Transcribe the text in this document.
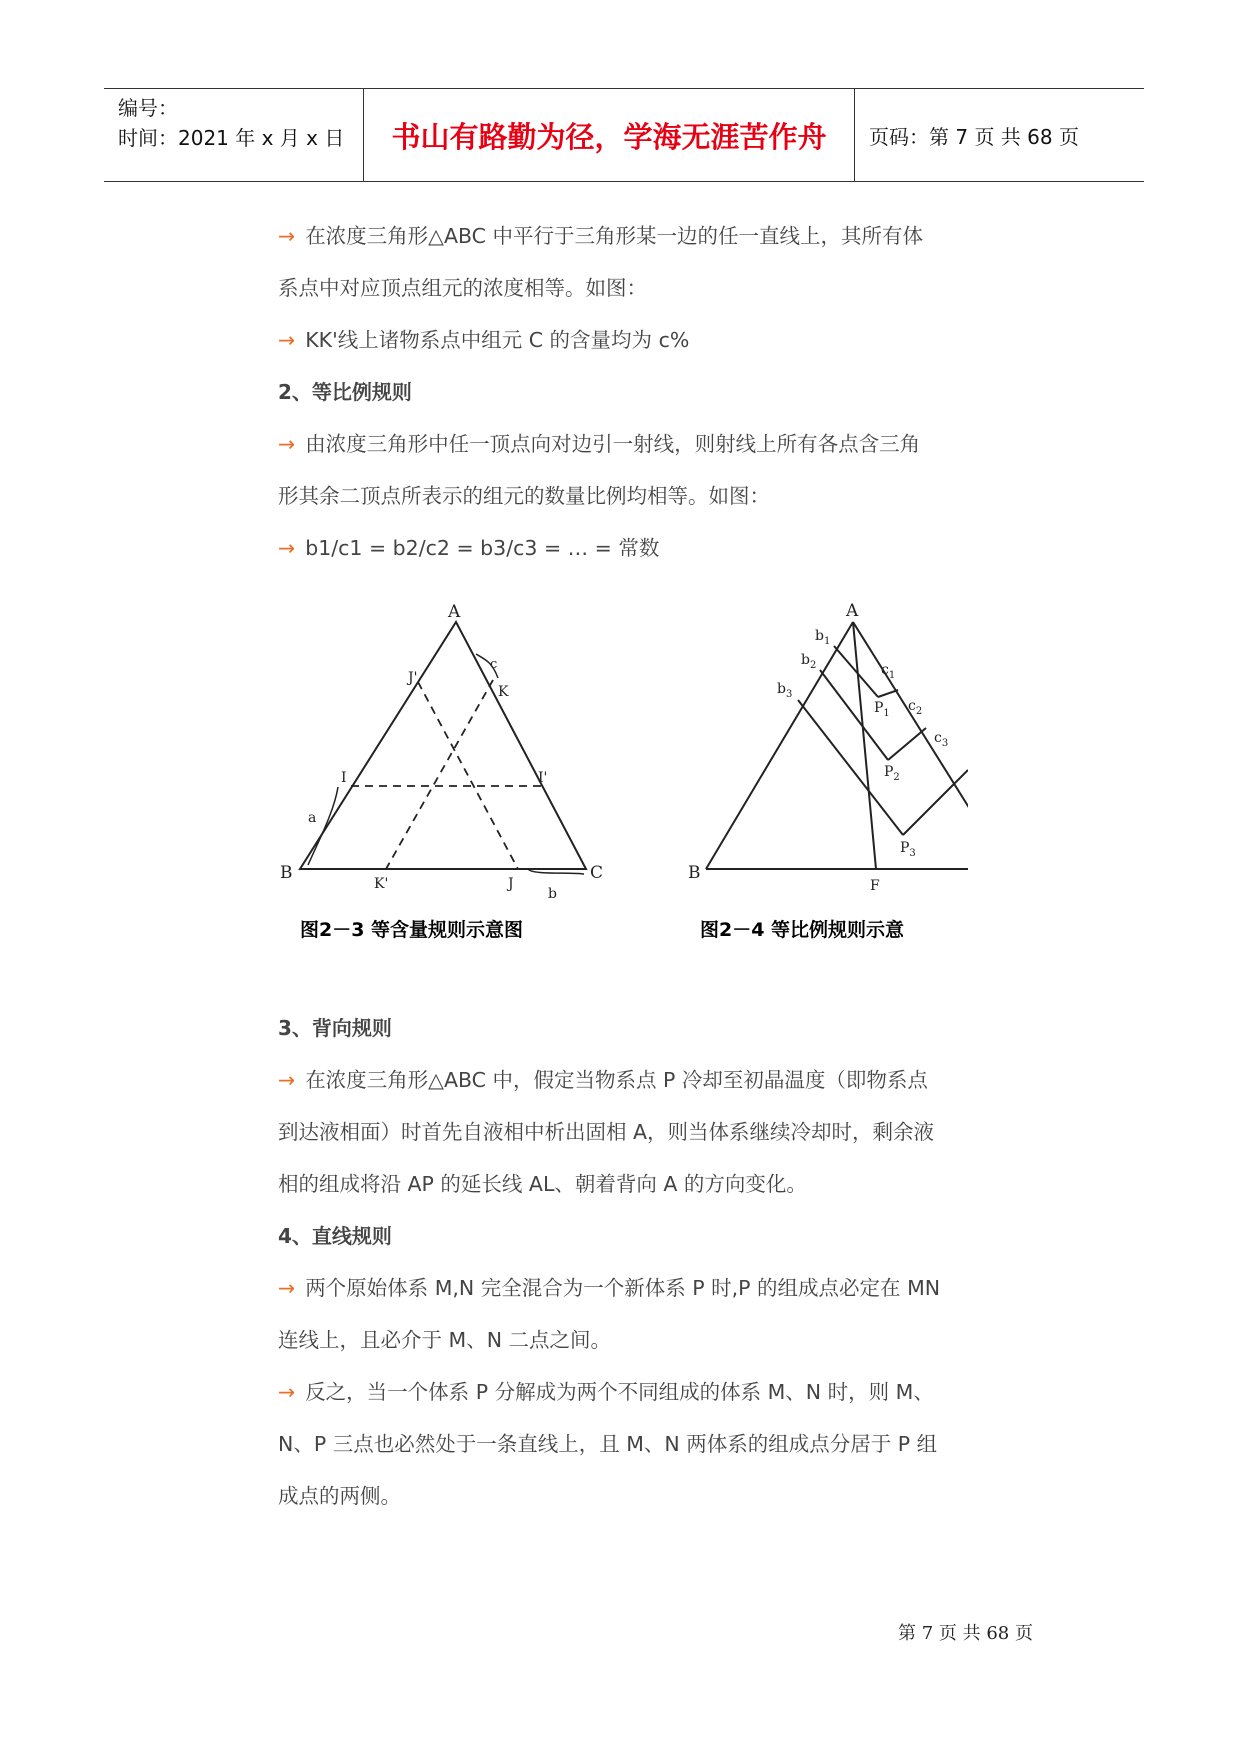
编号：
时间：2021 年 x 月 x 日	书山有路勤为径，学海无涯苦作舟	页码：第 7 页 共 68 页

→ 在浓度三角形△ABC 中平行于三角形某一边的任一直线上，其所有体

系点中对应顶点组元的浓度相等。如图：

→ KK'线上诸物系点中组元 C 的含量均为 c%

2、等比例规则

→ 由浓度三角形中任一顶点向对边引一射线，则射线上所有各点含三角

形其余二顶点所表示的组元的数量比例均相等。如图：

→ b1/c1 = b2/c2 = b3/c3 = … = 常数

A
B	C
J'
K
I	I'
K'	J
a
b
c
图2－3 等含量规则示意图
A
B
F
$b_1$
$b_2$
$b_3$
$c_1$
$c_2$
$c_3$
$P_1$
$P_2$
$P_3$
图2－4 等比例规则示意

3、背向规则

→ 在浓度三角形△ABC 中，假定当物系点 P 冷却至初晶温度（即物系点

到达液相面）时首先自液相中析出固相 A，则当体系继续冷却时，剩余液

相的组成将沿 AP 的延长线 AL、朝着背向 A 的方向变化。

4、直线规则

→ 两个原始体系 M,N 完全混合为一个新体系 P 时,P 的组成点必定在 MN

连线上，且必介于 M、N 二点之间。

→ 反之，当一个体系 P 分解成为两个不同组成的体系 M、N 时，则 M、

N、P 三点也必然处于一条直线上，且 M、N 两体系的组成点分居于 P 组

成点的两侧。

第 7 页 共 68 页
